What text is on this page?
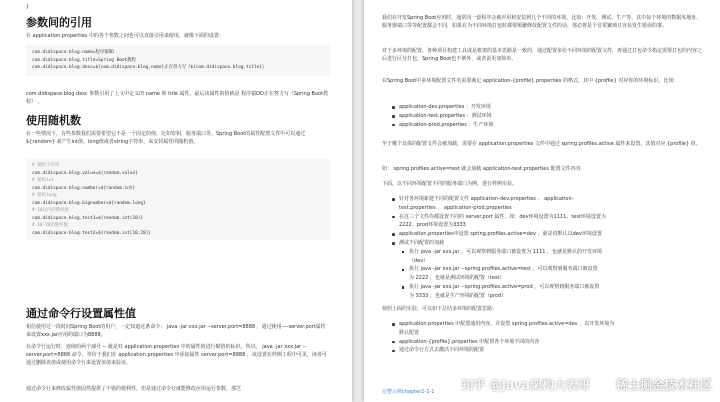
}
参数间的引用
在 application.properties 中的各个参数之间也可以直接引用来使用，就像下面的设置：
com.didispace.blog.name=程序猿DD
com.didispace.blog.title=Spring Boot教程
com.didispace.blog.desc=${com.didispace.blog.name}正在努力写《${com.didispace.blog.title}》
com.didispace.blog.desc 参数引用了上文中定义的 name 和 title 属性，最后该属性的值就是 程序猿DD正在努力写《Spring Boot教程》 。
使用随机数
在一些情况下，有些参数我们需要希望它不是一个固定的值，比如密钥、服务端口等。Spring Boot的属性配置文件中可以通过 ${random} 来产生int值、long值或者string字符串，来支持属性的随机值。
# 随机字符串
com.didispace.blog.value=${random.value}
# 随机int
com.didispace.blog.number=${random.int}
# 随机long
com.didispace.blog.bignumber=${random.long}
# 10以内的随机数
com.didispace.blog.test1=${random.int(10)}
# 10-20的随机数
com.didispace.blog.test2=${random.int[10,20]}
通过命令行设置属性值
相信使用过一段时间Spring Boot的用户，一定知道这条命令： java -jar xxx.jar --server.port=8888 ，通过使用—-server.port属性来设置xxx.jar应用的端口为8888。
在命令行运行时，连续的两个减号 -- 就是对 application.properties 中的属性值进行赋值的标识。所以， java -jar xxx.jar --server.port=8888 命令，等价于我们在 application.properties 中添加属性 server.port=8888 ，该设置在样例工程中可见，读者可通过删除该值或使用命令行来设置该值来验证。
通过命令行来修改属性值固然提供了不错的便利性，但是通过命令行就能修改应用运行参数，那岂
我们在开发Spring Boot应用时，通常同一套程序会被应用和安装到几个不同的环境，比如：开发、测试、生产等。其中每个环境的数据库地址、服务器端口等等配置都会不同，如果在为不同环境打包时都要频繁修改配置文件的话，那必将是个非常繁琐且容易发生错误的事。
对于多环境的配置，各种项目构建工具或是框架的基本思路是一致的，通过配置多份不同环境的配置文件，再通过打包命令指定需要打包的内容之后进行区分打包，Spring Boot也不例外，或者说更加简单。
在Spring Boot中多环境配置文件名需要满足 application-{profile}.properties 的格式，其中 {profile} 对应你的环境标识，比如：
application-dev.properties ：开发环境
application-test.properties ：测试环境
application-prod.properties ：生产环境
至于哪个具体的配置文件会被加载，需要在 application.properties 文件中通过 spring.profiles.active 属性来设置，其值对应 {profile} 值。
如： spring.profiles.active=test 就会加载 application-test.properties 配置文件内容
下面，以不同环境配置不同的服务端口为例，进行样例实验。
针对各环境新建不同的配置文件 application-dev.properties 、 application-
test.properties 、 application-prod.properties
在这三个文件均都设置不同的 server.port 属性，如：dev环境设置为1111，test环境设置为
2222，prod环境设置为3333
application.properties中设置 spring.profiles.active=dev ，就是说默认以dev环境设置
测试不同配置的加载
执行 java -jar xxx.jar ，可以观察到服务端口被设置为 1111 ，也就是默认的开发环境
（dev）
执行 java -jar xxx.jar --spring.profiles.active=test ，可以观察到服务端口被设置
为 2222 ，也就是测试环境的配置（test）
执行 java -jar xxx.jar --spring.profiles.active=prod ，可以观察到服务端口被设置
为 3333 ，也就是生产环境的配置（prod）
按照上面的实验，可以如下总结多环境的配置思路：
application.properties 中配置通用内容，并设置 spring.profiles.active=dev ，以开发环境为
默认配置
application-{profile}.properties 中配置各个环境不同的内容
通过命令行方式去激活不同环境的配置
完整示例chapter2-1-1 知乎 @Java架构大表哥 稀土掘金技术社区
